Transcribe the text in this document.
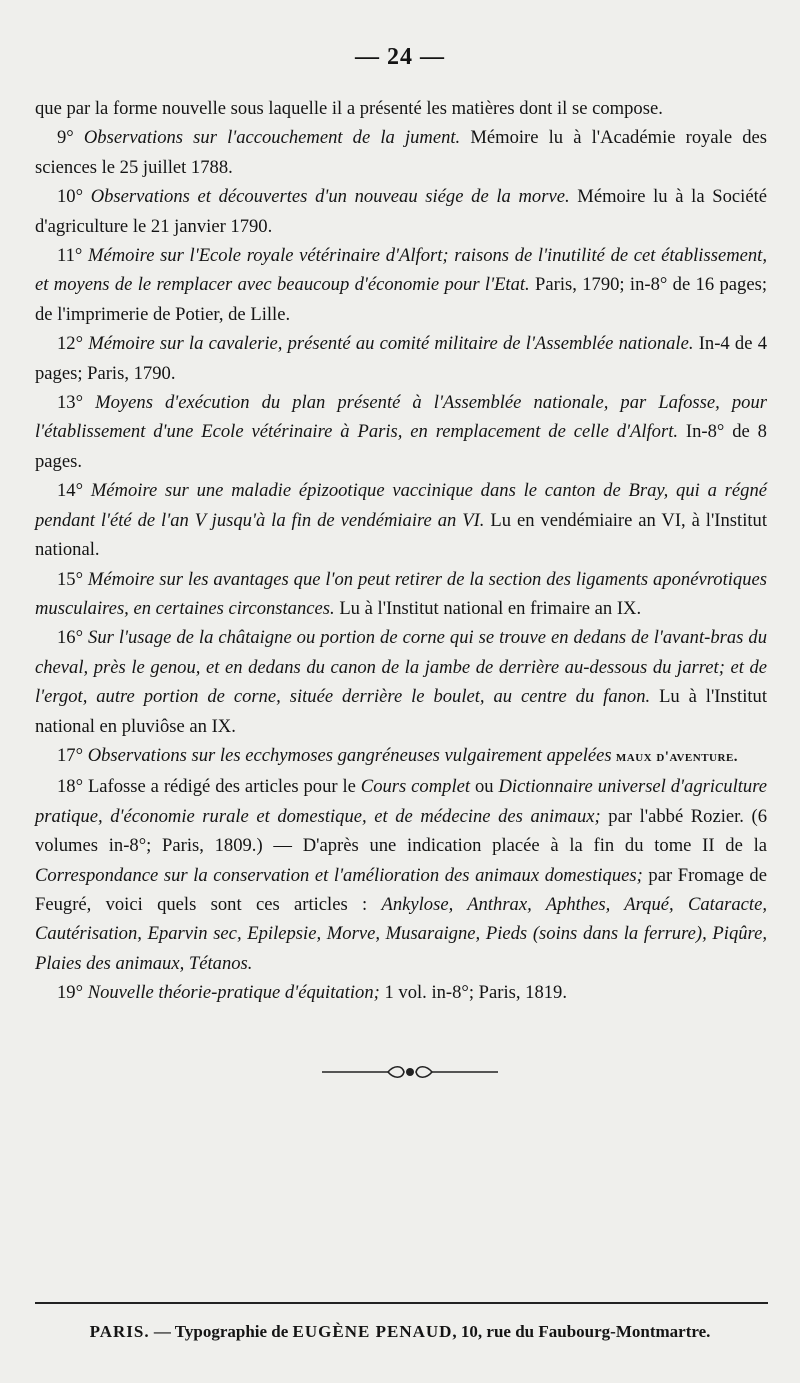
— 24 —

que par la forme nouvelle sous laquelle il a présenté les matières dont il se compose.

9° Observations sur l'accouchement de la jument. Mémoire lu à l'Académie royale des sciences le 25 juillet 1788.

10° Observations et découvertes d'un nouveau siége de la morve. Mémoire lu à la Société d'agriculture le 21 janvier 1790.

11° Mémoire sur l'Ecole royale vétérinaire d'Alfort; raisons de l'inutilité de cet établissement, et moyens de le remplacer avec beaucoup d'économie pour l'Etat. Paris, 1790; in-8° de 16 pages; de l'imprimerie de Potier, de Lille.

12° Mémoire sur la cavalerie, présenté au comité militaire de l'Assemblée nationale. In-4 de 4 pages; Paris, 1790.

13° Moyens d'exécution du plan présenté à l'Assemblée nationale, par Lafosse, pour l'établissement d'une Ecole vétérinaire à Paris, en remplacement de celle d'Alfort. In-8° de 8 pages.

14° Mémoire sur une maladie épizootique vaccinique dans le canton de Bray, qui a régné pendant l'été de l'an V jusqu'à la fin de vendémiaire an VI. Lu en vendémiaire an VI, à l'Institut national.

15° Mémoire sur les avantages que l'on peut retirer de la section des ligaments aponévrotiques musculaires, en certaines circonstances. Lu à l'Institut national en frimaire an IX.

16° Sur l'usage de la châtaigne ou portion de corne qui se trouve en dedans de l'avant-bras du cheval, près le genou, et en dedans du canon de la jambe de derrière au-dessous du jarret; et de l'ergot, autre portion de corne, située derrière le boulet, au centre du fanon. Lu à l'Institut national en pluviôse an IX.

17° Observations sur les ecchymoses gangréneuses vulgairement appelées maux d'aventure.

18° Lafosse a rédigé des articles pour le Cours complet ou Dictionnaire universel d'agriculture pratique, d'économie rurale et domestique, et de médecine des animaux; par l'abbé Rozier. (6 volumes in-8°; Paris, 1809.) — D'après une indication placée à la fin du tome II de la Correspondance sur la conservation et l'amélioration des animaux domestiques; par Fromage de Feugré, voici quels sont ces articles : Ankylose, Anthrax, Aphthes, Arqué, Cataracte, Cautérisation, Eparvin sec, Epilepsie, Morve, Musaraigne, Pieds (soins dans la ferrure), Piqûre, Plaies des animaux, Tétanos.

19° Nouvelle théorie-pratique d'équitation; 1 vol. in-8°; Paris, 1819.

PARIS. — Typographie de EUGÈNE PENAUD, 10, rue du Faubourg-Montmartre.
